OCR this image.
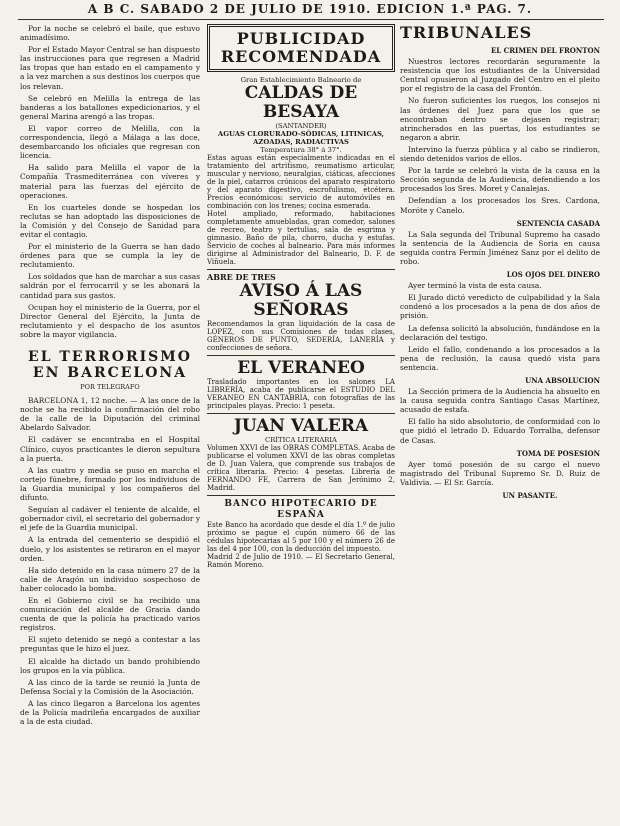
A B C. SABADO 2 DE JULIO DE 1910. EDICION 1.ª PAG. 7.

Por la noche se celebró el baile, que estuvo animadísimo.

Por el Estado Mayor Central se han dispuesto las instrucciones para que regresen a Madrid las tropas que han estado en el campamento y a la vez marchen a sus destinos los cuerpos que los relevan.

Se celebró en Melilla la entrega de las banderas a los batallones expedicionarios, y el general Marina arengó a las tropas.

El vapor correo de Melilla, con la correspondencia, llegó a Málaga a las doce, desembarcando los oficiales que regresan con licencia.

Ha salido para Melilla el vapor de la Compañía Trasmediterránea con víveres y material para las fuerzas del ejército de operaciones.

En los cuarteles donde se hospedan los reclutas se han adoptado las disposiciones de la Comisión y del Consejo de Sanidad para evitar el contagio.

Por el ministerio de la Guerra se han dado órdenes para que se cumpla la ley de reclutamiento.

Los soldados que han de marchar a sus casas saldrán por el ferrocarril y se les abonará la cantidad para sus gastos.

Ocupan hoy el ministerio de la Guerra, por el Director General del Ejército, la Junta de reclutamiento y el despacho de los asuntos sobre la mayor vigilancia.

EL TERRORISMO
EN BARCELONA
POR TELEGRAFO

BARCELONA 1, 12 noche. — A las once de la noche se ha recibido la confirmación del robo de la calle de la Diputación del criminal Abelardo Salvador.

El cadáver se encontraba en el Hospital Clínico, cuyos practicantes le dieron sepultura a la puerta.

A las cuatro y media se puso en marcha el cortejo fúnebre, formado por los individuos de la Guardia municipal y los compañeros del difunto.

Seguían al cadáver el teniente de alcalde, el gobernador civil, el secretario del gobernador y el jefe de la Guardia municipal.

A la entrada del cementerio se despidió el duelo, y los asistentes se retiraron en el mayor orden.

Ha sido detenido en la casa número 27 de la calle de Aragón un individuo sospechoso de haber colocado la bomba.

En el Gobierno civil se ha recibido una comunicación del alcalde de Gracia dando cuenta de que la policía ha practicado varios registros.

El sujeto detenido se negó a contestar a las preguntas que le hizo el juez.

El alcalde ha dictado un bando prohibiendo los grupos en la vía pública.

A las cinco de la tarde se reunió la Junta de Defensa Social y la Comisión de la Asociación.

A las cinco llegaron a Barcelona los agentes de la Policía madrileña encargados de auxiliar a la de esta ciudad.

PUBLICIDAD
RECOMENDADA
Gran Establecimiento Balneario de
CALDAS DE BESAYA
(SANTANDER)
AGUAS CLORURADO-SÓDICAS, LITINICAS, AZOADAS, RADIACTIVAS
Temperatura 38° á 37°.
Estas aguas están especialmente indicadas en el tratamiento del artritismo, reumatismo articular, muscular y nervioso, neuralgias, ciáticas, afecciones de la piel, catarros crónicos del aparato respiratorio y del aparato digestivo, escrofulismo, etcétera. Precios económicos: servicio de automóviles en combinación con los trenes; cocina esmerada.
Hotel ampliado, reformado, habitaciones completamente amuebladas, gran comedor, salones de recreo, teatro y tertulias, sala de esgrima y gimnasio. Baño de pila, chorro, ducha y estufas. Servicio de coches al balneario. Para más informes dirigirse al Administrador del Balneario, D. F. de Viñuela.
ABRE DE TRES
AVISO Á LAS SEÑORAS
Recomendamos la gran liquidación de la casa de LOPEZ, con sus Comisiones de todas clases, GÉNEROS DE PUNTO, SEDERÍA, LANERÍA y confecciones de señora.
EL VERANEO
Trasladado importantes en los salones LA LIBRERÍA, acaba de publicarse el ESTUDIO DEL VERANEO EN CANTABRIA, con fotografías de las principales playas. Precio: 1 peseta.
JUAN VALERA
CRÍTICA LITERARIA
Volumen XXVI de las OBRAS COMPLETAS. Acaba de publicarse el volumen XXVI de las obras completas de D. Juan Valera, que comprende sus trabajos de crítica literaria. Precio: 4 pesetas. Librería de FERNANDO FE, Carrera de San Jerónimo 2, Madrid.
BANCO HIPOTECARIO DE ESPAÑA
Este Banco ha acordado que desde el día 1.º de julio próximo se pague el cupón número 66 de las cédulas hipotecarias al 5 por 100 y el número 26 de las del 4 por 100, con la deducción del impuesto.
Madrid 2 de Julio de 1910. — El Secretario General, Ramón Moreno.
TRIBUNALES
EL CRIMEN DEL FRONTON

Nuestros lectores recordarán seguramente la resistencia que los estudiantes de la Universidad Central opusieron al Juzgado del Centro en el pleito por el registro de la casa del Frontón.

No fueron suficientes los ruegos, los consejos ni las órdenes del Juez para que los que se encontraban dentro se dejasen registrar; atrincherados en las puertas, los estudiantes se negaron a abrir.

Intervino la fuerza pública y al cabo se rindieron, siendo detenidos varios de ellos.

Por la tarde se celebró la vista de la causa en la Sección segunda de la Audiencia, defendiendo a los procesados los Sres. Moret y Canalejas.

Defendían a los procesados los Sres. Cardona, Moróte y Canelo.

SENTENCIA CASADA

La Sala segunda del Tribunal Supremo ha casado la sentencia de la Audiencia de Soria en causa seguida contra Fermín Jiménez Sanz por el delito de robo.

LOS OJOS DEL DINERO

Ayer terminó la vista de esta causa.

El Jurado dictó veredicto de culpabilidad y la Sala condenó a los procesados a la pena de dos años de prisión.

La defensa solicitó la absolución, fundándose en la declaración del testigo.

Leído el fallo, condenando a los procesados a la pena de reclusión, la causa quedó vista para sentencia.

UNA ABSOLUCION

La Sección primera de la Audiencia ha absuelto en la causa seguida contra Santiago Casas Martínez, acusado de estafa.

El fallo ha sido absolutorio, de conformidad con lo que pidió el letrado D. Eduardo Torralba, defensor de Casas.

TOMA DE POSESION

Ayer tomó posesión de su cargo el nuevo magistrado del Tribunal Supremo Sr. D. Ruiz de Valdivia. — El Sr. García.

UN PASANTE.
